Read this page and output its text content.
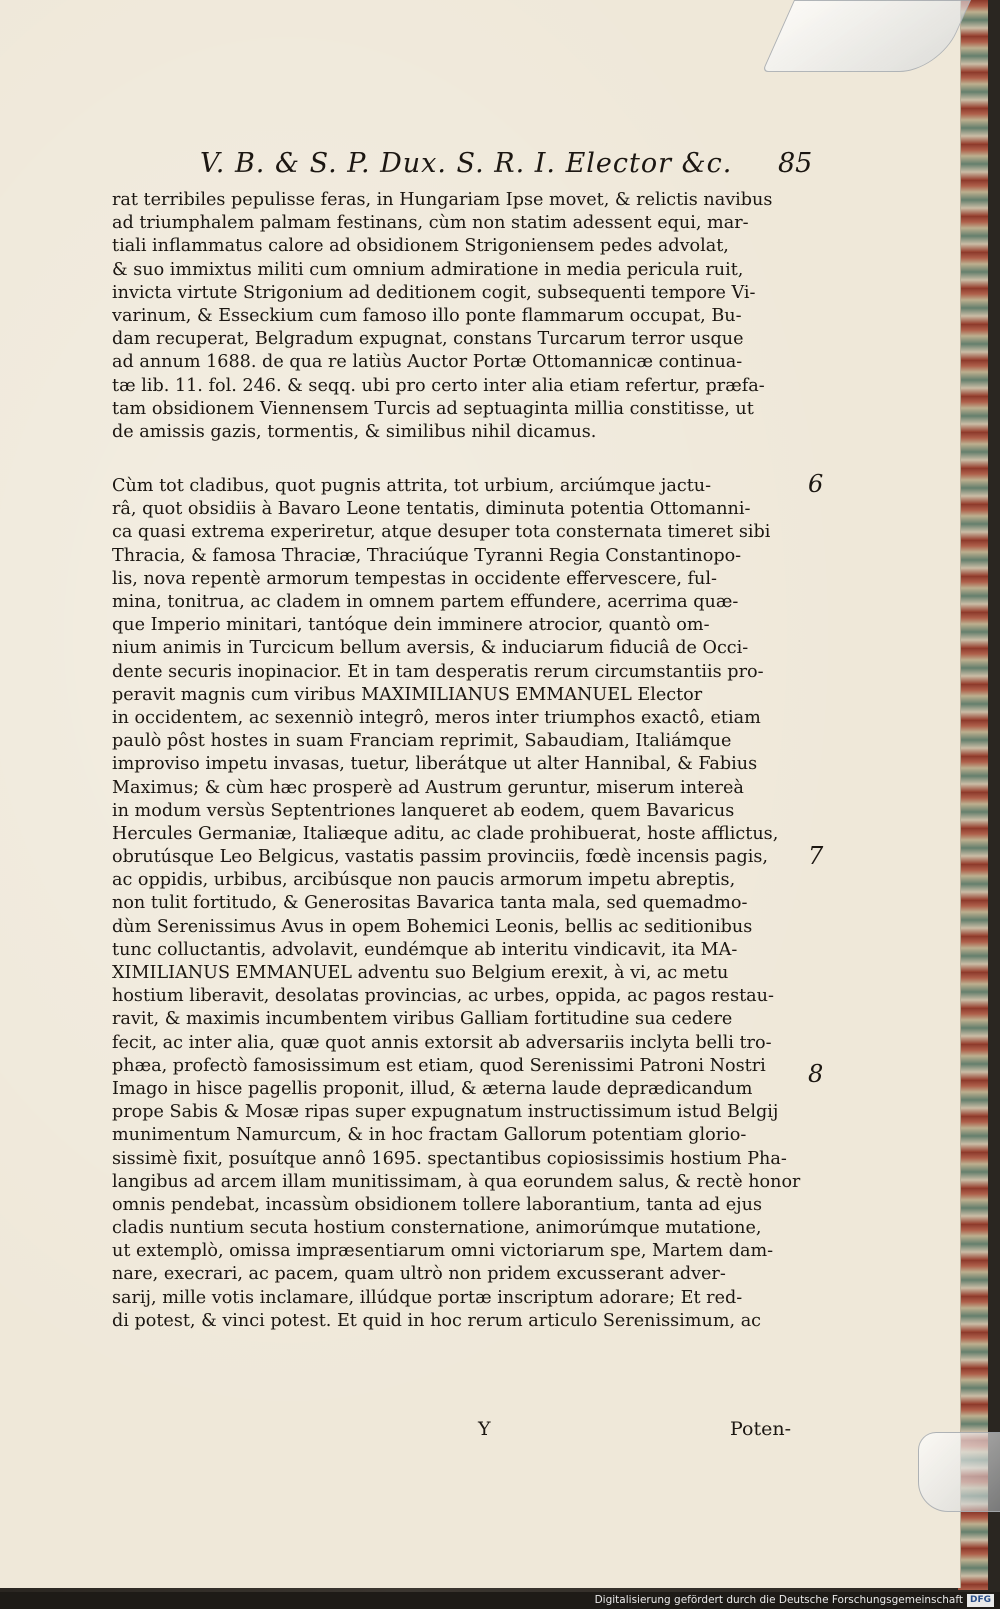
V. B. & S. P. Dux. S. R. I. Elector &c.	85
rat terribiles pepulisse feras, in Hungariam Ipse movet, & relictis navibus
ad triumphalem palmam festinans, cùm non statim adessent equi, mar-
tiali inflammatus calore ad obsidionem Strigoniensem pedes advolat,
& suo immixtus militi cum omnium admiratione in media pericula ruit,
invicta virtute Strigonium ad deditionem cogit, subsequenti tempore Vi-
varinum, & Esseckium cum famoso illo ponte flammarum occupat, Bu-
dam recuperat, Belgradum expugnat, constans Turcarum terror usque
ad annum 1688. de qua re latiùs Auctor Portæ Ottomannicæ continua-
tæ lib. 11. fol. 246. & seqq. ubi pro certo inter alia etiam refertur, præfa-
tam obsidionem Viennensem Turcis ad septuaginta millia constitisse, ut
de amissis gazis, tormentis, & similibus nihil dicamus.
Cùm tot cladibus, quot pugnis attrita, tot urbium, arciúmque jactu-
râ, quot obsidiis à Bavaro Leone tentatis, diminuta potentia Ottomanni-
ca quasi extrema experiretur, atque desuper tota consternata timeret sibi
Thracia, & famosa Thraciæ, Thraciúque Tyranni Regia Constantinopo-
lis, nova repentè armorum tempestas in occidente effervescere, ful-
mina, tonitrua, ac cladem in omnem partem effundere, acerrima quæ-
que Imperio minitari, tantóque dein imminere atrocior, quantò om-
nium animis in Turcicum bellum aversis, & induciarum fiduciâ de Occi-
dente securis inopinacior. Et in tam desperatis rerum circumstantiis pro-
peravit magnis cum viribus MAXIMILIANUS EMMANUEL Elector
in occidentem, ac sexenniò integrô, meros inter triumphos exactô, etiam
paulò pôst hostes in suam Franciam reprimit, Sabaudiam, Italiámque
improviso impetu invasas, tuetur, liberátque ut alter Hannibal, & Fabius
Maximus; & cùm hæc prosperè ad Austrum geruntur, miserum intereà
in modum versùs Septentriones lanqueret ab eodem, quem Bavaricus
Hercules Germaniæ, Italiæque aditu, ac clade prohibuerat, hoste afflictus,
obrutúsque Leo Belgicus, vastatis passim provinciis, fœdè incensis pagis,
ac oppidis, urbibus, arcibúsque non paucis armorum impetu abreptis,
non tulit fortitudo, & Generositas Bavarica tanta mala, sed quemadmo-
dùm Serenissimus Avus in opem Bohemici Leonis, bellis ac seditionibus
tunc colluctantis, advolavit, eundémque ab interitu vindicavit, ita MA-
XIMILIANUS EMMANUEL adventu suo Belgium erexit, à vi, ac metu
hostium liberavit, desolatas provincias, ac urbes, oppida, ac pagos restau-
ravit, & maximis incumbentem viribus Galliam fortitudine sua cedere
fecit, ac inter alia, quæ quot annis extorsit ab adversariis inclyta belli tro-
phæa, profectò famosissimum est etiam, quod Serenissimi Patroni Nostri
Imago in hisce pagellis proponit, illud, & æterna laude deprædicandum
prope Sabis & Mosæ ripas super expugnatum instructissimum istud Belgij
munimentum Namurcum, & in hoc fractam Gallorum potentiam glorio-
sissimè fixit, posuítque annô 1695. spectantibus copiosissimis hostium Pha-
langibus ad arcem illam munitissimam, à qua eorundem salus, & rectè honor
omnis pendebat, incassùm obsidionem tollere laborantium, tanta ad ejus
cladis nuntium secuta hostium consternatione, animorúmque mutatione,
ut extemplò, omissa impræsentiarum omni victoriarum spe, Martem dam-
nare, execrari, ac pacem, quam ultrò non pridem excusserant adver-
sarij, mille votis inclamare, illúdque portæ inscriptum adorare; Et red-
di potest, & vinci potest. Et quid in hoc rerum articulo Serenissimum, ac
6
7
8
Y	Poten-
Digitalisierung gefördert durch die Deutsche Forschungsgemeinschaft DFG
